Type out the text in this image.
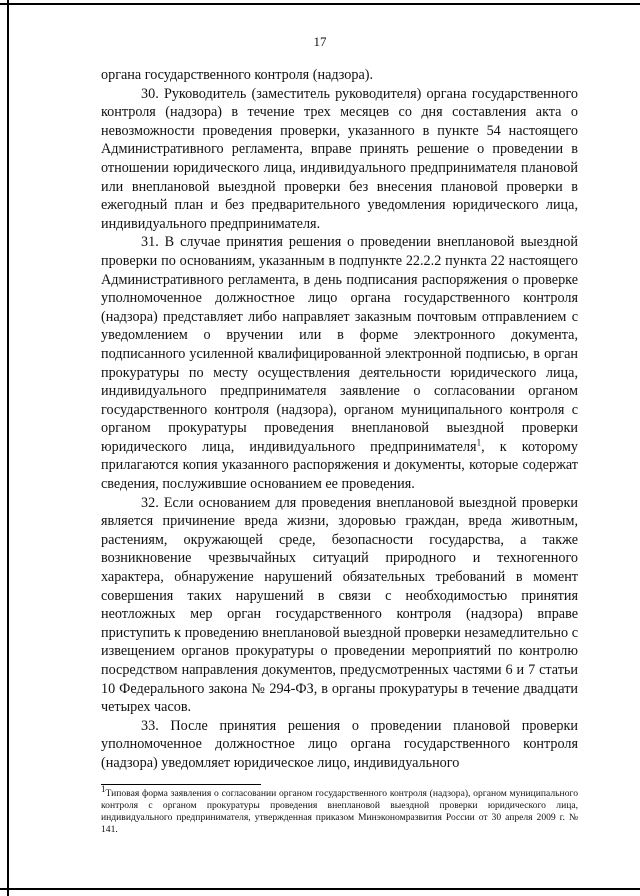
17

органа государственного контроля (надзора).

30. Руководитель (заместитель руководителя) органа государственного контроля (надзора) в течение трех месяцев со дня составления акта о невозможности проведения проверки, указанного в пункте 54 настоящего Административного регламента, вправе принять решение о проведении в отношении юридического лица, индивидуального предпринимателя плановой или внеплановой выездной проверки без внесения плановой проверки в ежегодный план и без предварительного уведомления юридического лица, индивидуального предпринимателя.

31. В случае принятия решения о проведении внеплановой выездной проверки по основаниям, указанным в подпункте 22.2.2 пункта 22 настоящего Административного регламента, в день подписания распоряжения о проверке уполномоченное должностное лицо органа государственного контроля (надзора) представляет либо направляет заказным почтовым отправлением с уведомлением о вручении или в форме электронного документа, подписанного усиленной квалифицированной электронной подписью, в орган прокуратуры по месту осуществления деятельности юридического лица, индивидуального предпринимателя заявление о согласовании органом государственного контроля (надзора), органом муниципального контроля с органом прокуратуры проведения внеплановой выездной проверки юридического лица, индивидуального предпринимателя$^1$, к которому прилагаются копия указанного распоряжения и документы, которые содержат сведения, послужившие основанием ее проведения.

32. Если основанием для проведения внеплановой выездной проверки является причинение вреда жизни, здоровью граждан, вреда животным, растениям, окружающей среде, безопасности государства, а также возникновение чрезвычайных ситуаций природного и техногенного характера, обнаружение нарушений обязательных требований в момент совершения таких нарушений в связи с необходимостью принятия неотложных мер орган государственного контроля (надзора) вправе приступить к проведению внеплановой выездной проверки незамедлительно с извещением органов прокуратуры о проведении мероприятий по контролю посредством направления документов, предусмотренных частями 6 и 7 статьи 10 Федерального закона № 294-ФЗ, в органы прокуратуры в течение двадцати четырех часов.

33. После принятия решения о проведении плановой проверки уполномоченное должностное лицо органа государственного контроля (надзора) уведомляет юридическое лицо, индивидуального

$^1$Типовая форма заявления о согласовании органом государственного контроля (надзора), органом муниципального контроля с органом прокуратуры проведения внеплановой выездной проверки юридического лица, индивидуального предпринимателя, утвержденная приказом Минэкономразвития России от 30 апреля 2009 г. № 141.
